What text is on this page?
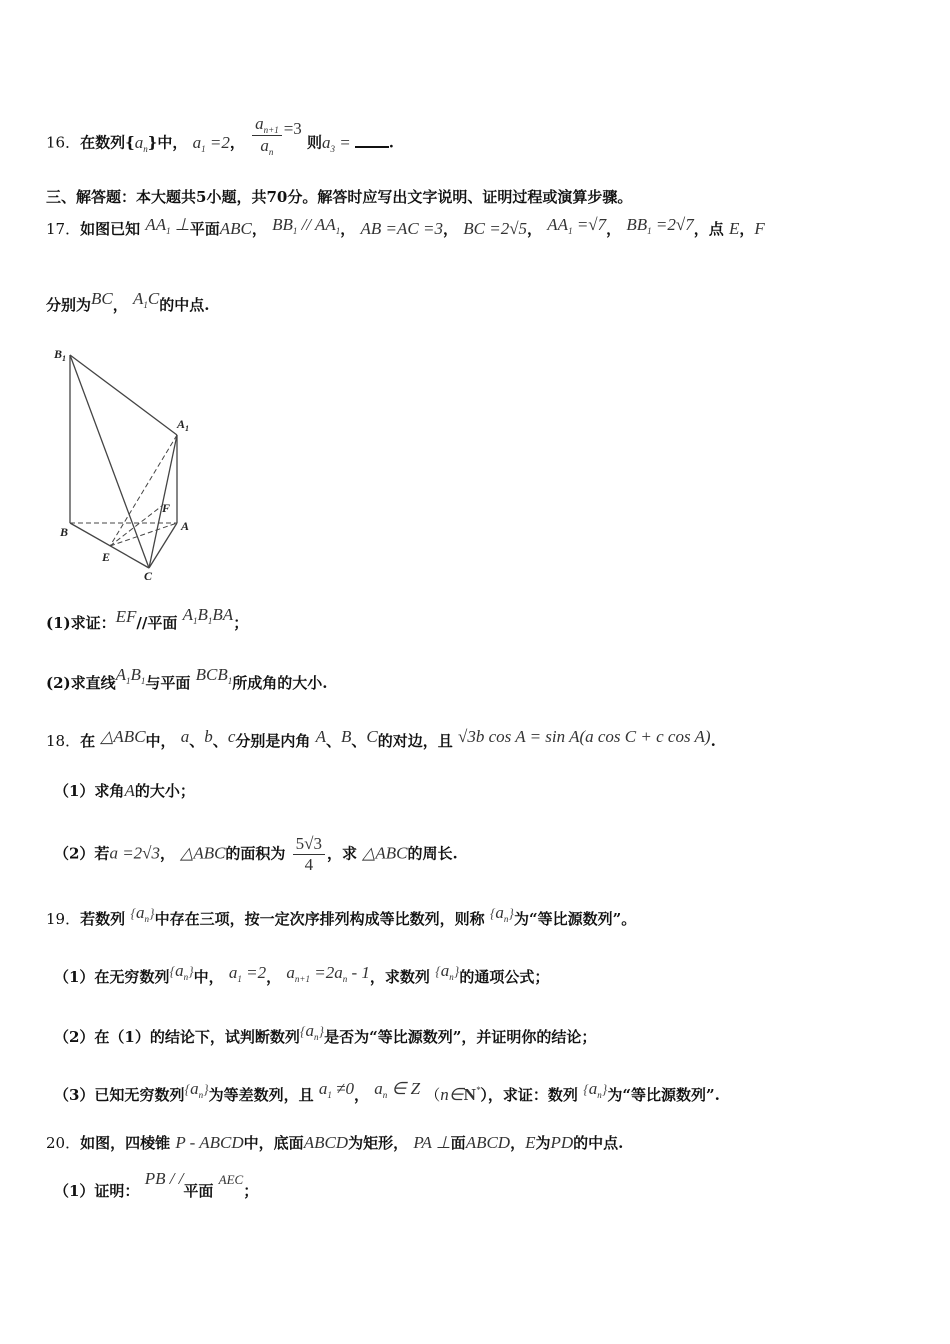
16．在数列$\{a_n\}$中， $a_1 =2$， $\frac{a_{n+1}}{a_n} =3$ 则$a_3$ =	.
三、解答题：本大题共5小题，共70分。解答时应写出文字说明、证明过程或演算步骤。
17．如图已知 $AA_1$ ⊥平面ABC， $BB_1 // AA_1$， AB =AC =3， BC =2√5， $AA_1 =√7$， $BB_1 =2√7$，点 E，F
分别为BC， $A_1C$的中点.
$B_1$
$A_1$
B	A
F
E
C
(1)求证：EF//平面 $A_1B_1BA$；
(2)求直线$A_1B_1$与平面 $BCB_1$所成角的大小.
18．在 △ABC中， a、b、c分别是内角 A、B、C的对边，且 √3b cos A = sin A(a cos C + c cos A).
（1）求角A的大小；
（2）若a =2√3， △ABC的面积为 $\frac{5√3}{4}$ ，求 △ABC的周长.
19．若数列 $\{a_n\}$中存在三项，按一定次序排列构成等比数列，则称 $\{a_n\}$为“等比源数列”。
（1）在无穷数列$\{a_n\}$中， $a_1 =2$， $a_{n+1} =2a_n - 1$，求数列 $\{a_n\}$的通项公式；
（2）在（1）的结论下，试判断数列$\{a_n\}$是否为“等比源数列”，并证明你的结论；
（3）已知无穷数列$\{a_n\}$为等差数列，且 $a_1 \ne 0$， $a_n$ ∈ Z （n∈N*），求证：数列 $\{a_n\}$为“等比源数列”.
20．如图，四棱锥 P - ABCD中，底面ABCD为矩形， PA ⊥面ABCD，E为PD的中点.
（1）证明： PB / /平面 AEC；
